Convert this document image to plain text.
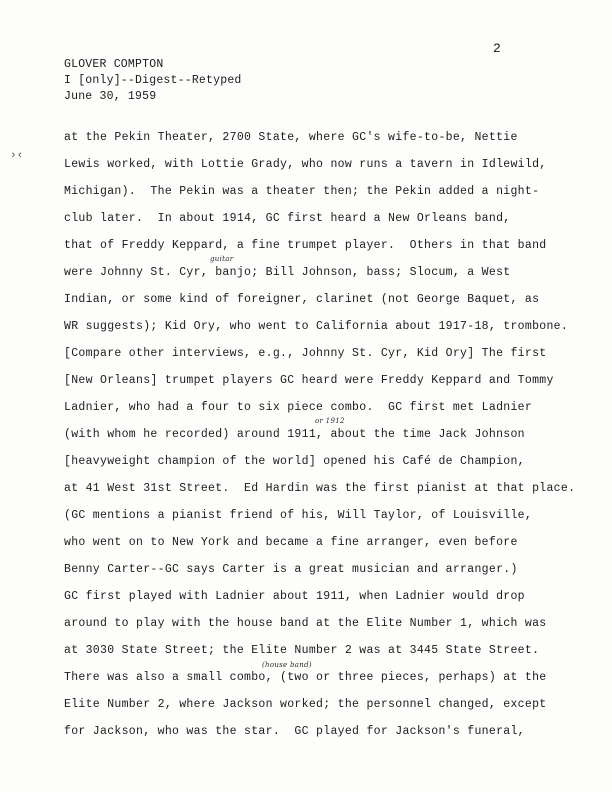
2
GLOVER COMPTON
I [only]--Digest--Retyped
June 30, 1959
›‹
at the Pekin Theater, 2700 State, where GC's wife-to-be, Nettie
Lewis worked, with Lottie Grady, who now runs a tavern in Idlewild,
Michigan).  The Pekin was a theater then; the Pekin added a night-
club later.  In about 1914, GC first heard a New Orleans band,
that of Freddy Keppard, a fine trumpet player.  Others in that band
were Johnny St. Cyr, banjo; Bill Johnson, bass; Slocum, a West
Indian, or some kind of foreigner, clarinet (not George Baquet, as
WR suggests); Kid Ory, who went to California about 1917-18, trombone.
[Compare other interviews, e.g., Johnny St. Cyr, Kid Ory] The first
[New Orleans] trumpet players GC heard were Freddy Keppard and Tommy
Ladnier, who had a four to six piece combo.  GC first met Ladnier
(with whom he recorded) around 1911, about the time Jack Johnson
[heavyweight champion of the world] opened his Café de Champion,
at 41 West 31st Street.  Ed Hardin was the first pianist at that place.
(GC mentions a pianist friend of his, Will Taylor, of Louisville,
who went on to New York and became a fine arranger, even before
Benny Carter--GC says Carter is a great musician and arranger.)
GC first played with Ladnier about 1911, when Ladnier would drop
around to play with the house band at the Elite Number 1, which was
at 3030 State Street; the Elite Number 2 was at 3445 State Street.
There was also a small combo, (two or three pieces, perhaps) at the
Elite Number 2, where Jackson worked; the personnel changed, except
for Jackson, who was the star.  GC played for Jackson's funeral,
guitar
or 1912
(house band)
